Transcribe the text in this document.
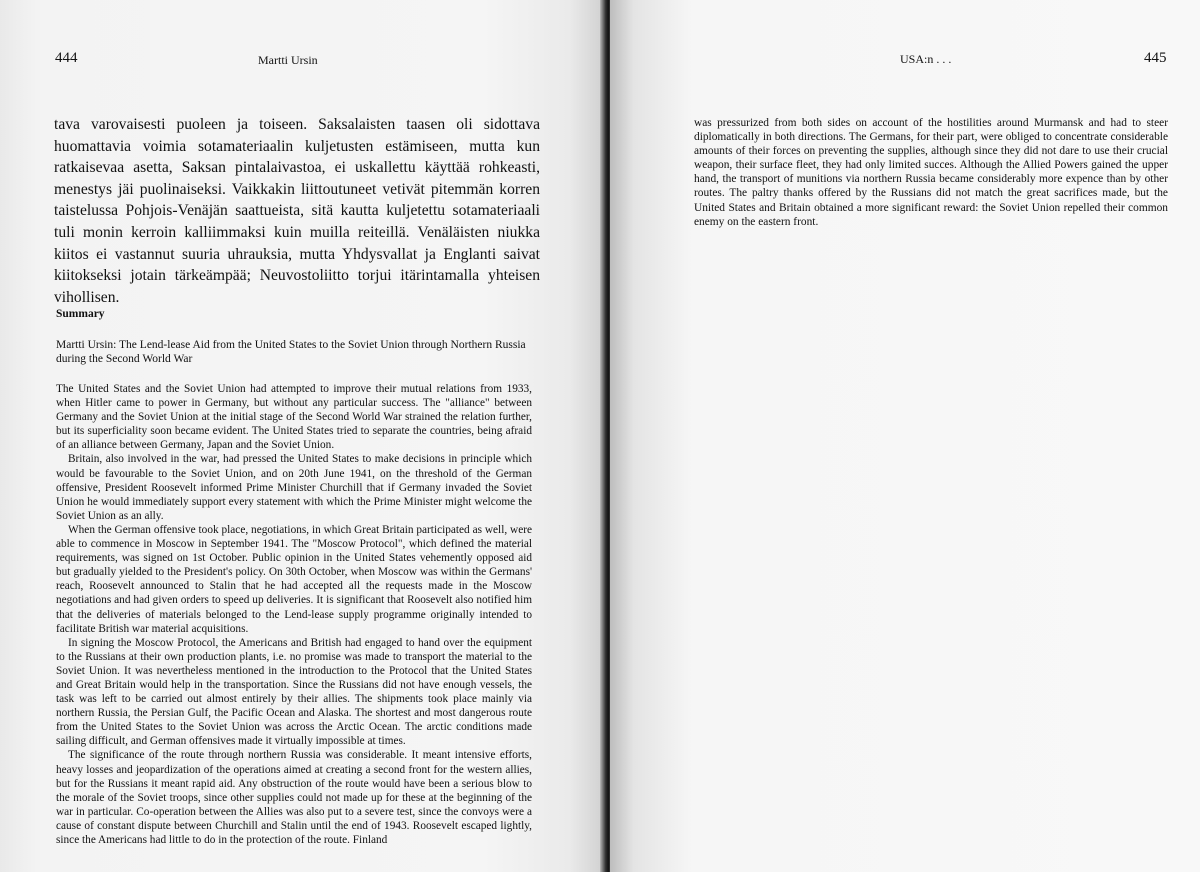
444	Martti Ursin

tava varovaisesti puoleen ja toiseen. Saksalaisten taasen oli sidottava huomattavia voimia sotamateriaalin kuljetusten estämiseen, mutta kun ratkaisevaa asetta, Saksan pintalaivastoa, ei uskallettu käyttää rohkeasti, menestys jäi puolinaiseksi. Vaikkakin liittoutuneet vetivät pitemmän korren taistelussa Pohjois-Venäjän saattueista, sitä kautta kuljetettu sotamateriaali tuli monin kerroin kalliimmaksi kuin muilla reiteillä. Venäläisten niukka kiitos ei vastannut suuria uhrauksia, mutta Yhdysvallat ja Englanti saivat kiitokseksi jotain tärkeämpää; Neuvostoliitto torjui itärintamalla yhteisen vihollisen.

Summary

Martti Ursin: The Lend-lease Aid from the United States to the Soviet Union through Northern Russia during the Second World War

The United States and the Soviet Union had attempted to improve their mutual relations from 1933, when Hitler came to power in Germany, but without any particular success. The "alliance" between Germany and the Soviet Union at the initial stage of the Second World War strained the relation further, but its superficiality soon became evident. The United States tried to separate the countries, being afraid of an alliance between Germany, Japan and the Soviet Union.

Britain, also involved in the war, had pressed the United States to make decisions in principle which would be favourable to the Soviet Union, and on 20th June 1941, on the threshold of the German offensive, President Roosevelt informed Prime Minister Churchill that if Germany invaded the Soviet Union he would immediately support every statement with which the Prime Minister might welcome the Soviet Union as an ally.

When the German offensive took place, negotiations, in which Great Britain participated as well, were able to commence in Moscow in September 1941. The "Moscow Protocol", which defined the material requirements, was signed on 1st October. Public opinion in the United States vehemently opposed aid but gradually yielded to the President's policy. On 30th October, when Moscow was within the Germans' reach, Roosevelt announced to Stalin that he had accepted all the requests made in the Moscow negotiations and had given orders to speed up deliveries. It is significant that Roosevelt also notified him that the deliveries of materials belonged to the Lend-lease supply programme originally intended to facilitate British war material acquisitions.

In signing the Moscow Protocol, the Americans and British had engaged to hand over the equipment to the Russians at their own production plants, i.e. no promise was made to transport the material to the Soviet Union. It was nevertheless mentioned in the introduction to the Protocol that the United States and Great Britain would help in the transportation. Since the Russians did not have enough vessels, the task was left to be carried out almost entirely by their allies. The shipments took place mainly via northern Russia, the Persian Gulf, the Pacific Ocean and Alaska. The shortest and most dangerous route from the United States to the Soviet Union was across the Arctic Ocean. The arctic conditions made sailing difficult, and German offensives made it virtually impossible at times.

The significance of the route through northern Russia was considerable. It meant intensive efforts, heavy losses and jeopardization of the operations aimed at creating a second front for the western allies, but for the Russians it meant rapid aid. Any obstruction of the route would have been a serious blow to the morale of the Soviet troops, since other supplies could not made up for these at the beginning of the war in particular. Co-operation between the Allies was also put to a severe test, since the convoys were a cause of constant dispute between Churchill and Stalin until the end of 1943. Roosevelt escaped lightly, since the Americans had little to do in the protection of the route. Finland

USA:n . . .	445

was pressurized from both sides on account of the hostilities around Murmansk and had to steer diplomatically in both directions. The Germans, for their part, were obliged to concentrate considerable amounts of their forces on preventing the supplies, although since they did not dare to use their crucial weapon, their surface fleet, they had only limited succes. Although the Allied Powers gained the upper hand, the transport of munitions via northern Russia became considerably more expence than by other routes. The paltry thanks offered by the Russians did not match the great sacrifices made, but the United States and Britain obtained a more significant reward: the Soviet Union repelled their common enemy on the eastern front.
